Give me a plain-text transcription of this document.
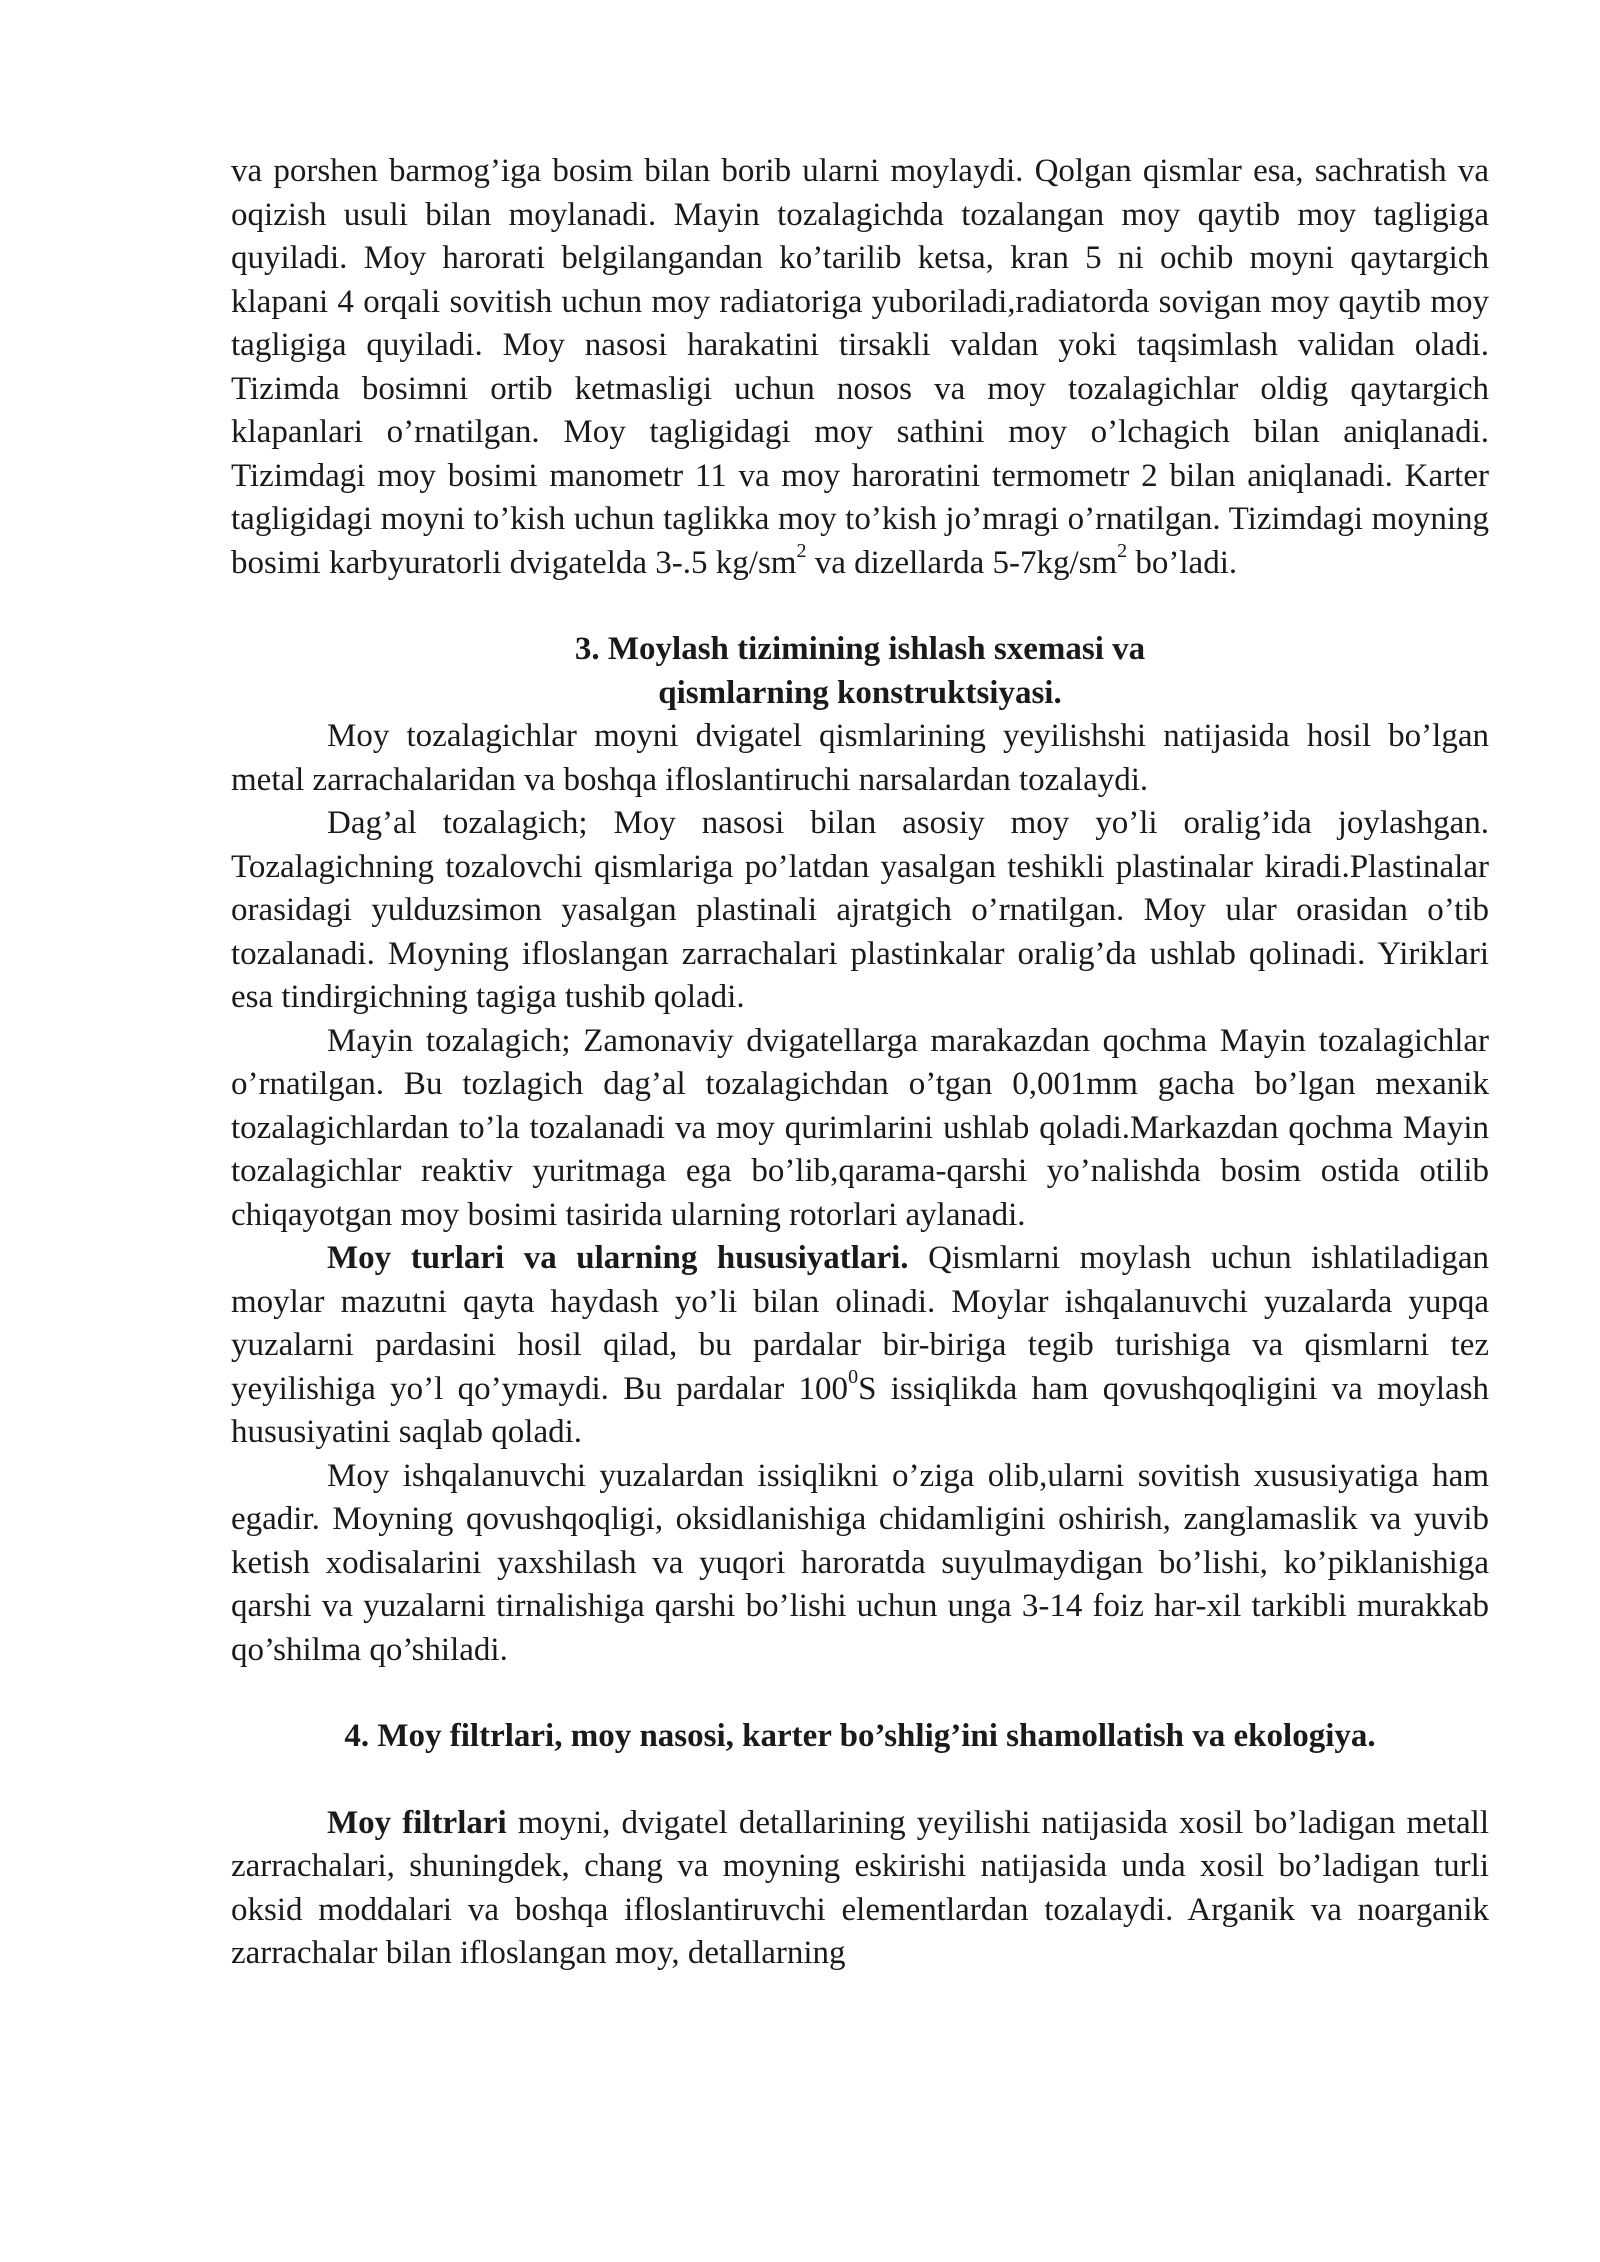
va porshen barmog’iga bosim bilan borib ularni moylaydi. Qolgan qismlar esa, sachratish va oqizish usuli bilan moylanadi. Mayin tozalagichda tozalangan moy qaytib moy tagligiga quyiladi. Moy harorati belgilangandan ko’tarilib ketsa, kran 5 ni ochib moyni qaytargich klapani 4 orqali sovitish uchun moy radiatoriga yuboriladi,radiatorda sovigan moy qaytib moy tagligiga quyiladi. Moy nasosi harakatini tirsakli valdan yoki taqsimlash validan oladi. Tizimda bosimni ortib ketmasligi uchun nosos va moy tozalagichlar oldig qaytargich klapanlari o’rnatilgan. Moy tagligidagi moy sathini moy o’lchagich bilan aniqlanadi. Tizimdagi moy bosimi manometr 11 va moy haroratini termometr 2 bilan aniqlanadi. Karter tagligidagi moyni to’kish uchun taglikka moy to’kish jo’mragi o’rnatilgan. Tizimdagi moyning bosimi karbyuratorli dvigatelda 3-.5 $kg/sm^2$ va dizellarda $5-7kg/sm^2$ bo’ladi.

3. Moylash tizimining ishlash sxemasi va
qismlarning konstruktsiyasi.

Moy tozalagichlar moyni dvigatel qismlarining yeyilishshi natijasida hosil bo’lgan metal zarrachalaridan va boshqa ifloslantiruchi narsalardan tozalaydi.

Dag’al tozalagich; Moy nasosi bilan asosiy moy yo’li oralig’ida joylashgan. Tozalagichning tozalovchi qismlariga po’latdan yasalgan teshikli plastinalar kiradi.Plastinalar orasidagi yulduzsimon yasalgan plastinali ajratgich o’rnatilgan. Moy ular orasidan o’tib tozalanadi. Moyning ifloslangan zarrachalari plastinkalar oralig’da ushlab qolinadi. Yiriklari esa tindirgichning tagiga tushib qoladi.

Mayin tozalagich; Zamonaviy dvigatellarga marakazdan qochma Mayin tozalagichlar o’rnatilgan. Bu tozlagich dag’al tozalagichdan o’tgan 0,001mm gacha bo’lgan mexanik tozalagichlardan to’la tozalanadi va moy qurimlarini ushlab qoladi.Markazdan qochma Mayin tozalagichlar reaktiv yuritmaga ega bo’lib,qarama-qarshi yo’nalishda bosim ostida otilib chiqayotgan moy bosimi tasirida ularning rotorlari aylanadi.

Moy turlari va ularning hususiyatlari. Qismlarni moylash uchun ishlatiladigan moylar mazutni qayta haydash yo’li bilan olinadi. Moylar ishqalanuvchi yuzalarda yupqa yuzalarni pardasini hosil qilad, bu pardalar bir-biriga tegib turishiga va qismlarni tez yeyilishiga yo’l qo’ymaydi. Bu pardalar $100^0S$ issiqlikda ham qovushqoqligini va moylash hususiyatini saqlab qoladi.

Moy ishqalanuvchi yuzalardan issiqlikni o’ziga olib,ularni sovitish xususiyatiga ham egadir. Moyning qovushqoqligi, oksidlanishiga chidamligini oshirish, zanglamaslik va yuvib ketish xodisalarini yaxshilash va yuqori haroratda suyulmaydigan bo’lishi, ko’piklanishiga qarshi va yuzalarni tirnalishiga qarshi bo’lishi uchun unga 3-14 foiz har-xil tarkibli murakkab qo’shilma qo’shiladi.

4. Moy filtrlari, moy nasosi, karter bo’shlig’ini shamollatish va ekologiya.

Moy filtrlari moyni, dvigatel detallarining yeyilishi natijasida xosil bo’ladigan metall zarrachalari, shuningdek, chang va moyning eskirishi natijasida unda xosil bo’ladigan turli oksid moddalari va boshqa ifloslantiruvchi elementlardan tozalaydi. Arganik va noarganik zarrachalar bilan ifloslangan moy, detallarning
